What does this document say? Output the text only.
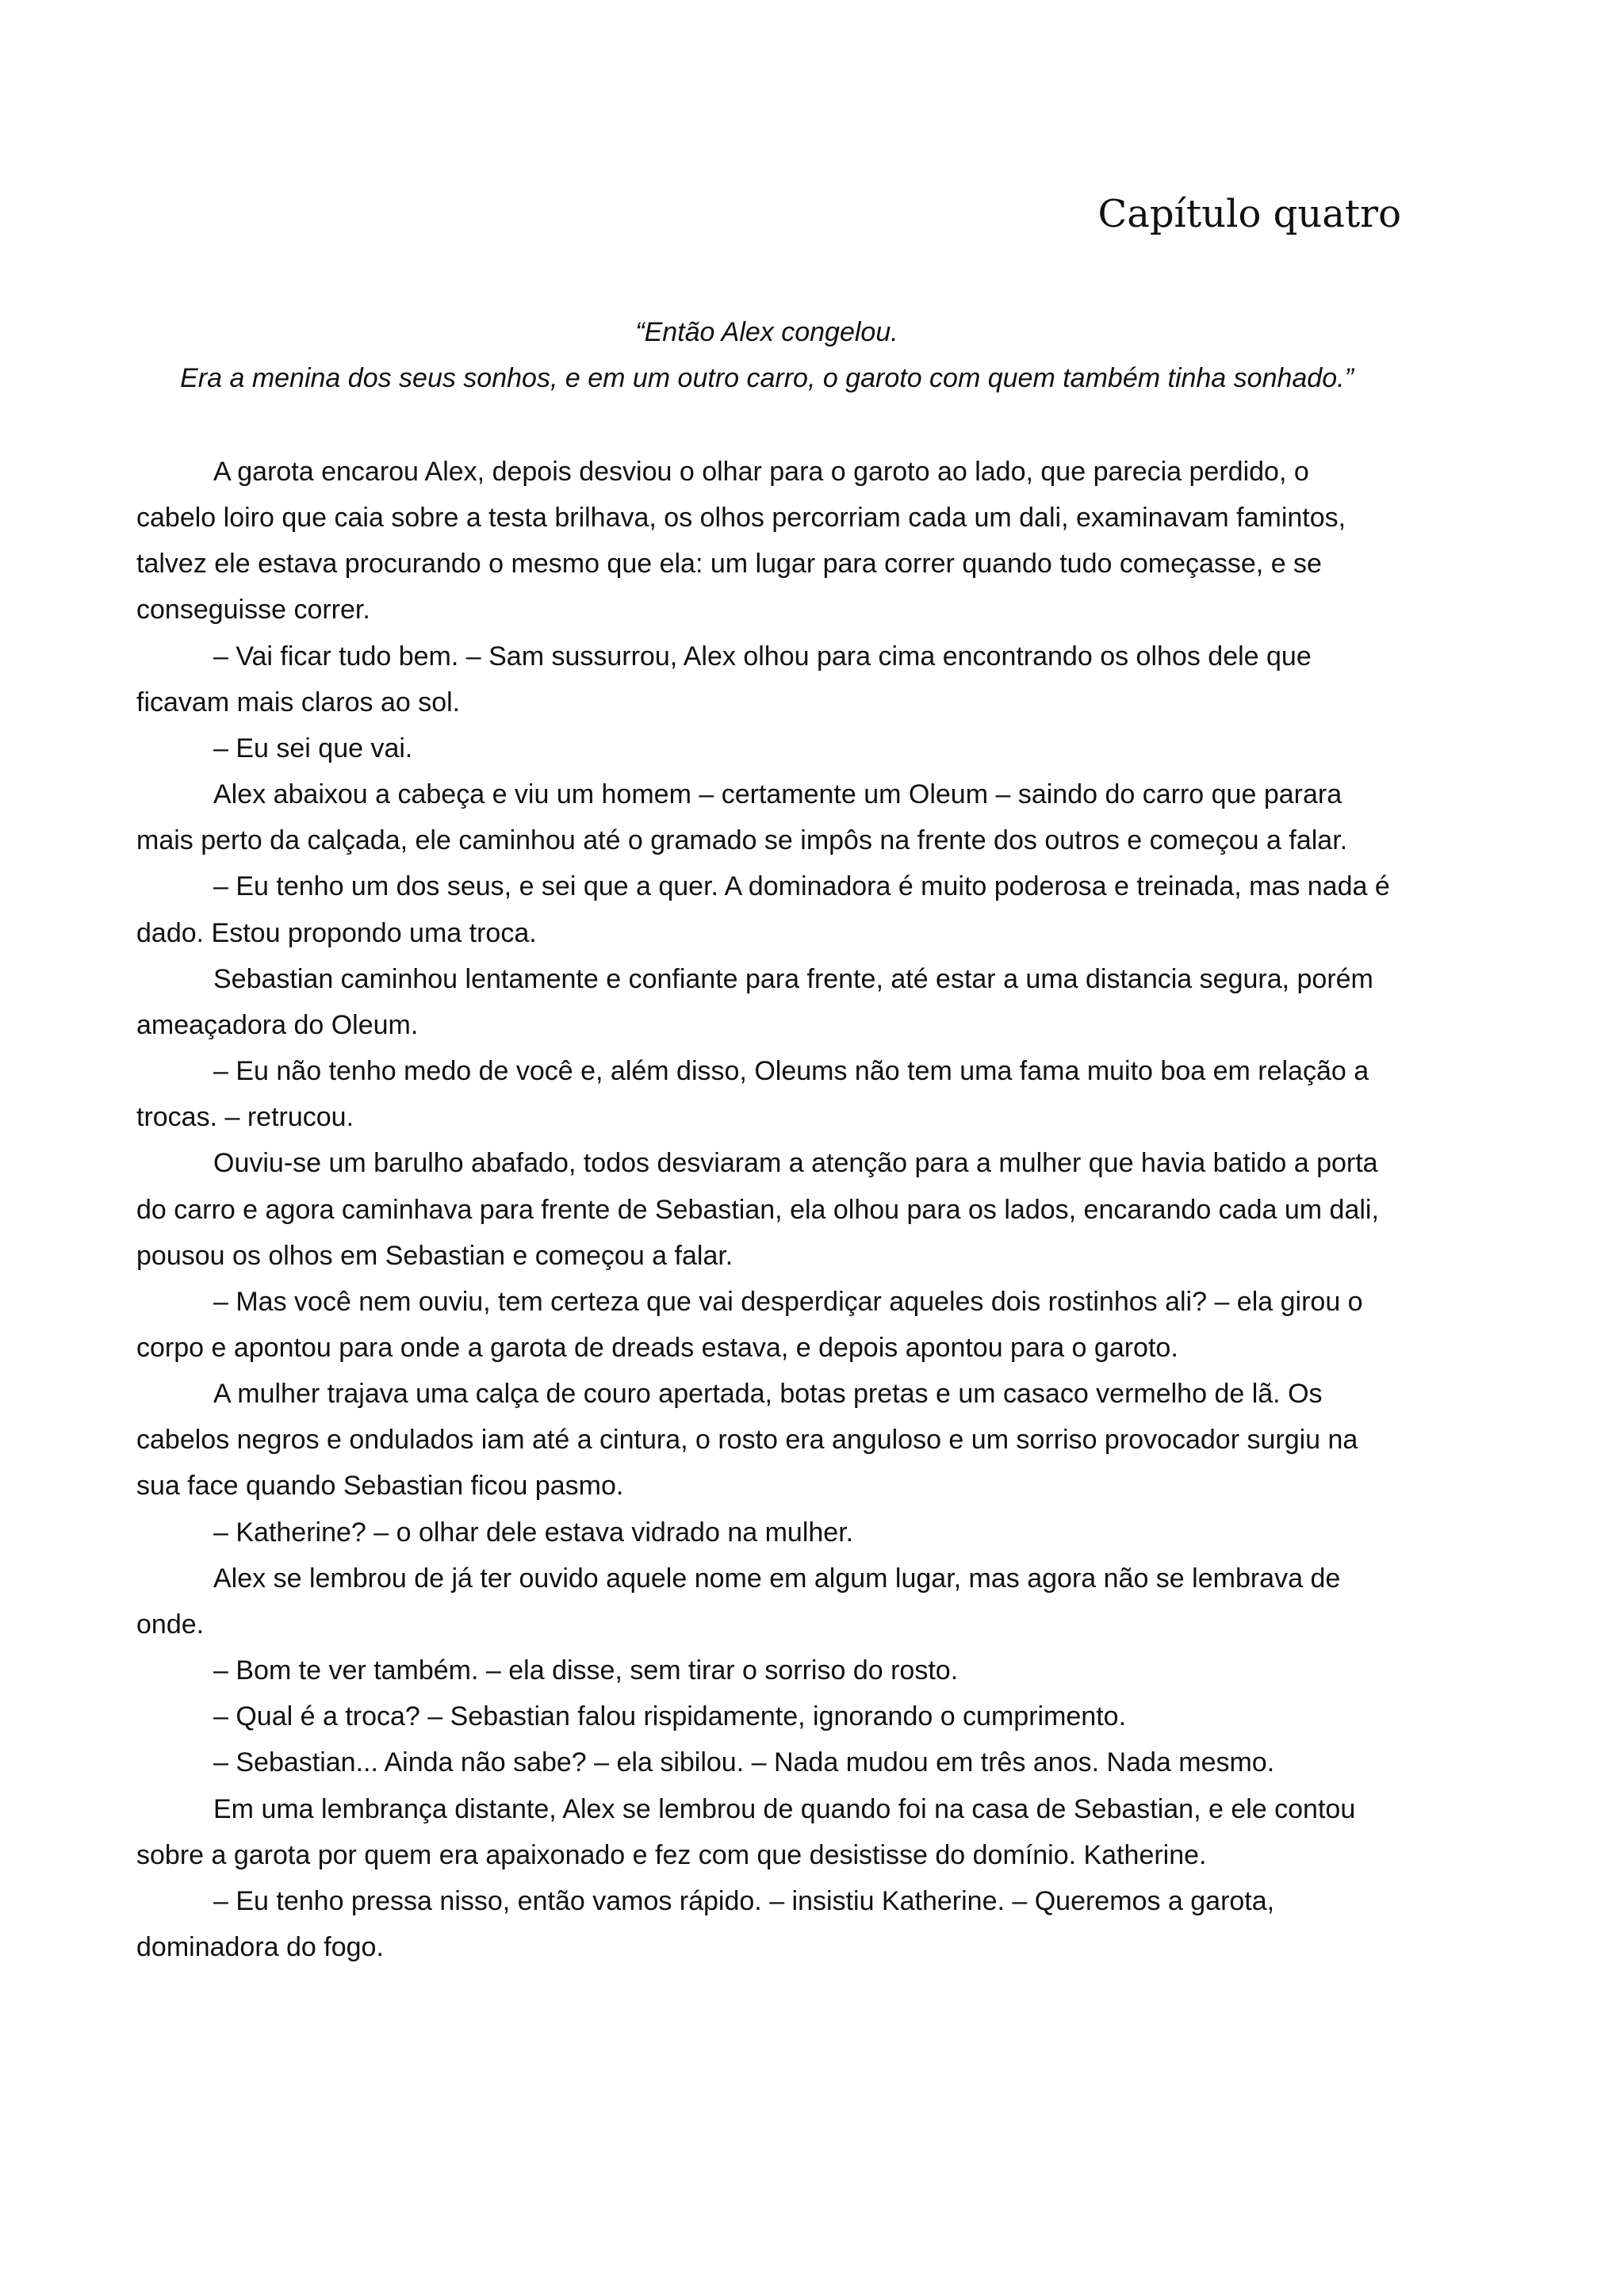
Capítulo quatro

“Então Alex congelou.

Era a menina dos seus sonhos, e em um outro carro, o garoto com quem também tinha sonhado.”

A garota encarou Alex, depois desviou o olhar para o garoto ao lado, que parecia perdido, o cabelo loiro que caia sobre a testa brilhava, os olhos percorriam cada um dali, examinavam famintos, talvez ele estava procurando o mesmo que ela: um lugar para correr quando tudo começasse, e se conseguisse correr.

– Vai ficar tudo bem. – Sam sussurrou, Alex olhou para cima encontrando os olhos dele que ficavam mais claros ao sol.

– Eu sei que vai.

Alex abaixou a cabeça e viu um homem – certamente um Oleum – saindo do carro que parara mais perto da calçada, ele caminhou até o gramado se impôs na frente dos outros e começou a falar.

– Eu tenho um dos seus, e sei que a quer. A dominadora é muito poderosa e treinada, mas nada é dado. Estou propondo uma troca.

Sebastian caminhou lentamente e confiante para frente, até estar a uma distancia segura, porém ameaçadora do Oleum.

– Eu não tenho medo de você e, além disso, Oleums não tem uma fama muito boa em relação a trocas. – retrucou.

Ouviu-se um barulho abafado, todos desviaram a atenção para a mulher que havia batido a porta do carro e agora caminhava para frente de Sebastian, ela olhou para os lados, encarando cada um dali, pousou os olhos em Sebastian e começou a falar.

– Mas você nem ouviu, tem certeza que vai desperdiçar aqueles dois rostinhos ali? – ela girou o corpo e apontou para onde a garota de dreads estava, e depois apontou para o garoto.

A mulher trajava uma calça de couro apertada, botas pretas e um casaco vermelho de lã. Os cabelos negros e ondulados iam até a cintura, o rosto era anguloso e um sorriso provocador surgiu na sua face quando Sebastian ficou pasmo.

– Katherine? – o olhar dele estava vidrado na mulher.

Alex se lembrou de já ter ouvido aquele nome em algum lugar, mas agora não se lembrava de onde.

– Bom te ver também. – ela disse, sem tirar o sorriso do rosto.

– Qual é a troca? – Sebastian falou rispidamente, ignorando o cumprimento.

– Sebastian... Ainda não sabe? – ela sibilou. – Nada mudou em três anos. Nada mesmo.

Em uma lembrança distante, Alex se lembrou de quando foi na casa de Sebastian, e ele contou sobre a garota por quem era apaixonado e fez com que desistisse do domínio. Katherine.

– Eu tenho pressa nisso, então vamos rápido. – insistiu Katherine. – Queremos a garota, dominadora do fogo.
